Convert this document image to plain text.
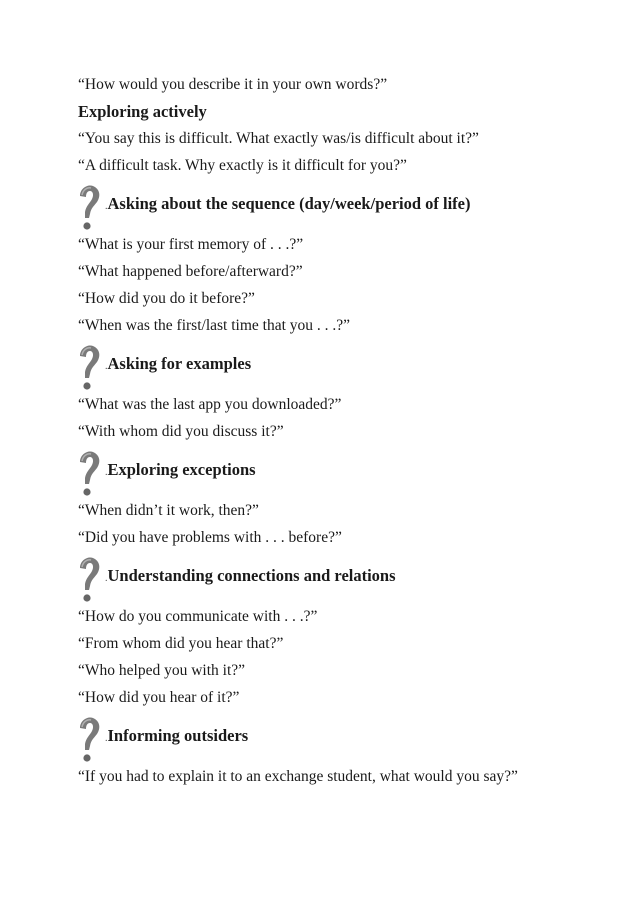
“How would you describe it in your own words?”

Exploring actively

“You say this is difficult. What exactly was/is difficult about it?”

“A difficult task. Why exactly is it difficult for you?”

. Asking about the sequence (day/week/period of life)

“What is your first memory of . . .?”

“What happened before/afterward?”

“How did you do it before?”

“When was the first/last time that you . . .?”

. Asking for examples

“What was the last app you downloaded?”

“With whom did you discuss it?”

. Exploring exceptions

“When didn’t it work, then?”

“Did you have problems with . . . before?”

. Understanding connections and relations

“How do you communicate with . . .?”

“From whom did you hear that?”

“Who helped you with it?”

“How did you hear of it?”

. Informing outsiders

“If you had to explain it to an exchange student, what would you say?”
